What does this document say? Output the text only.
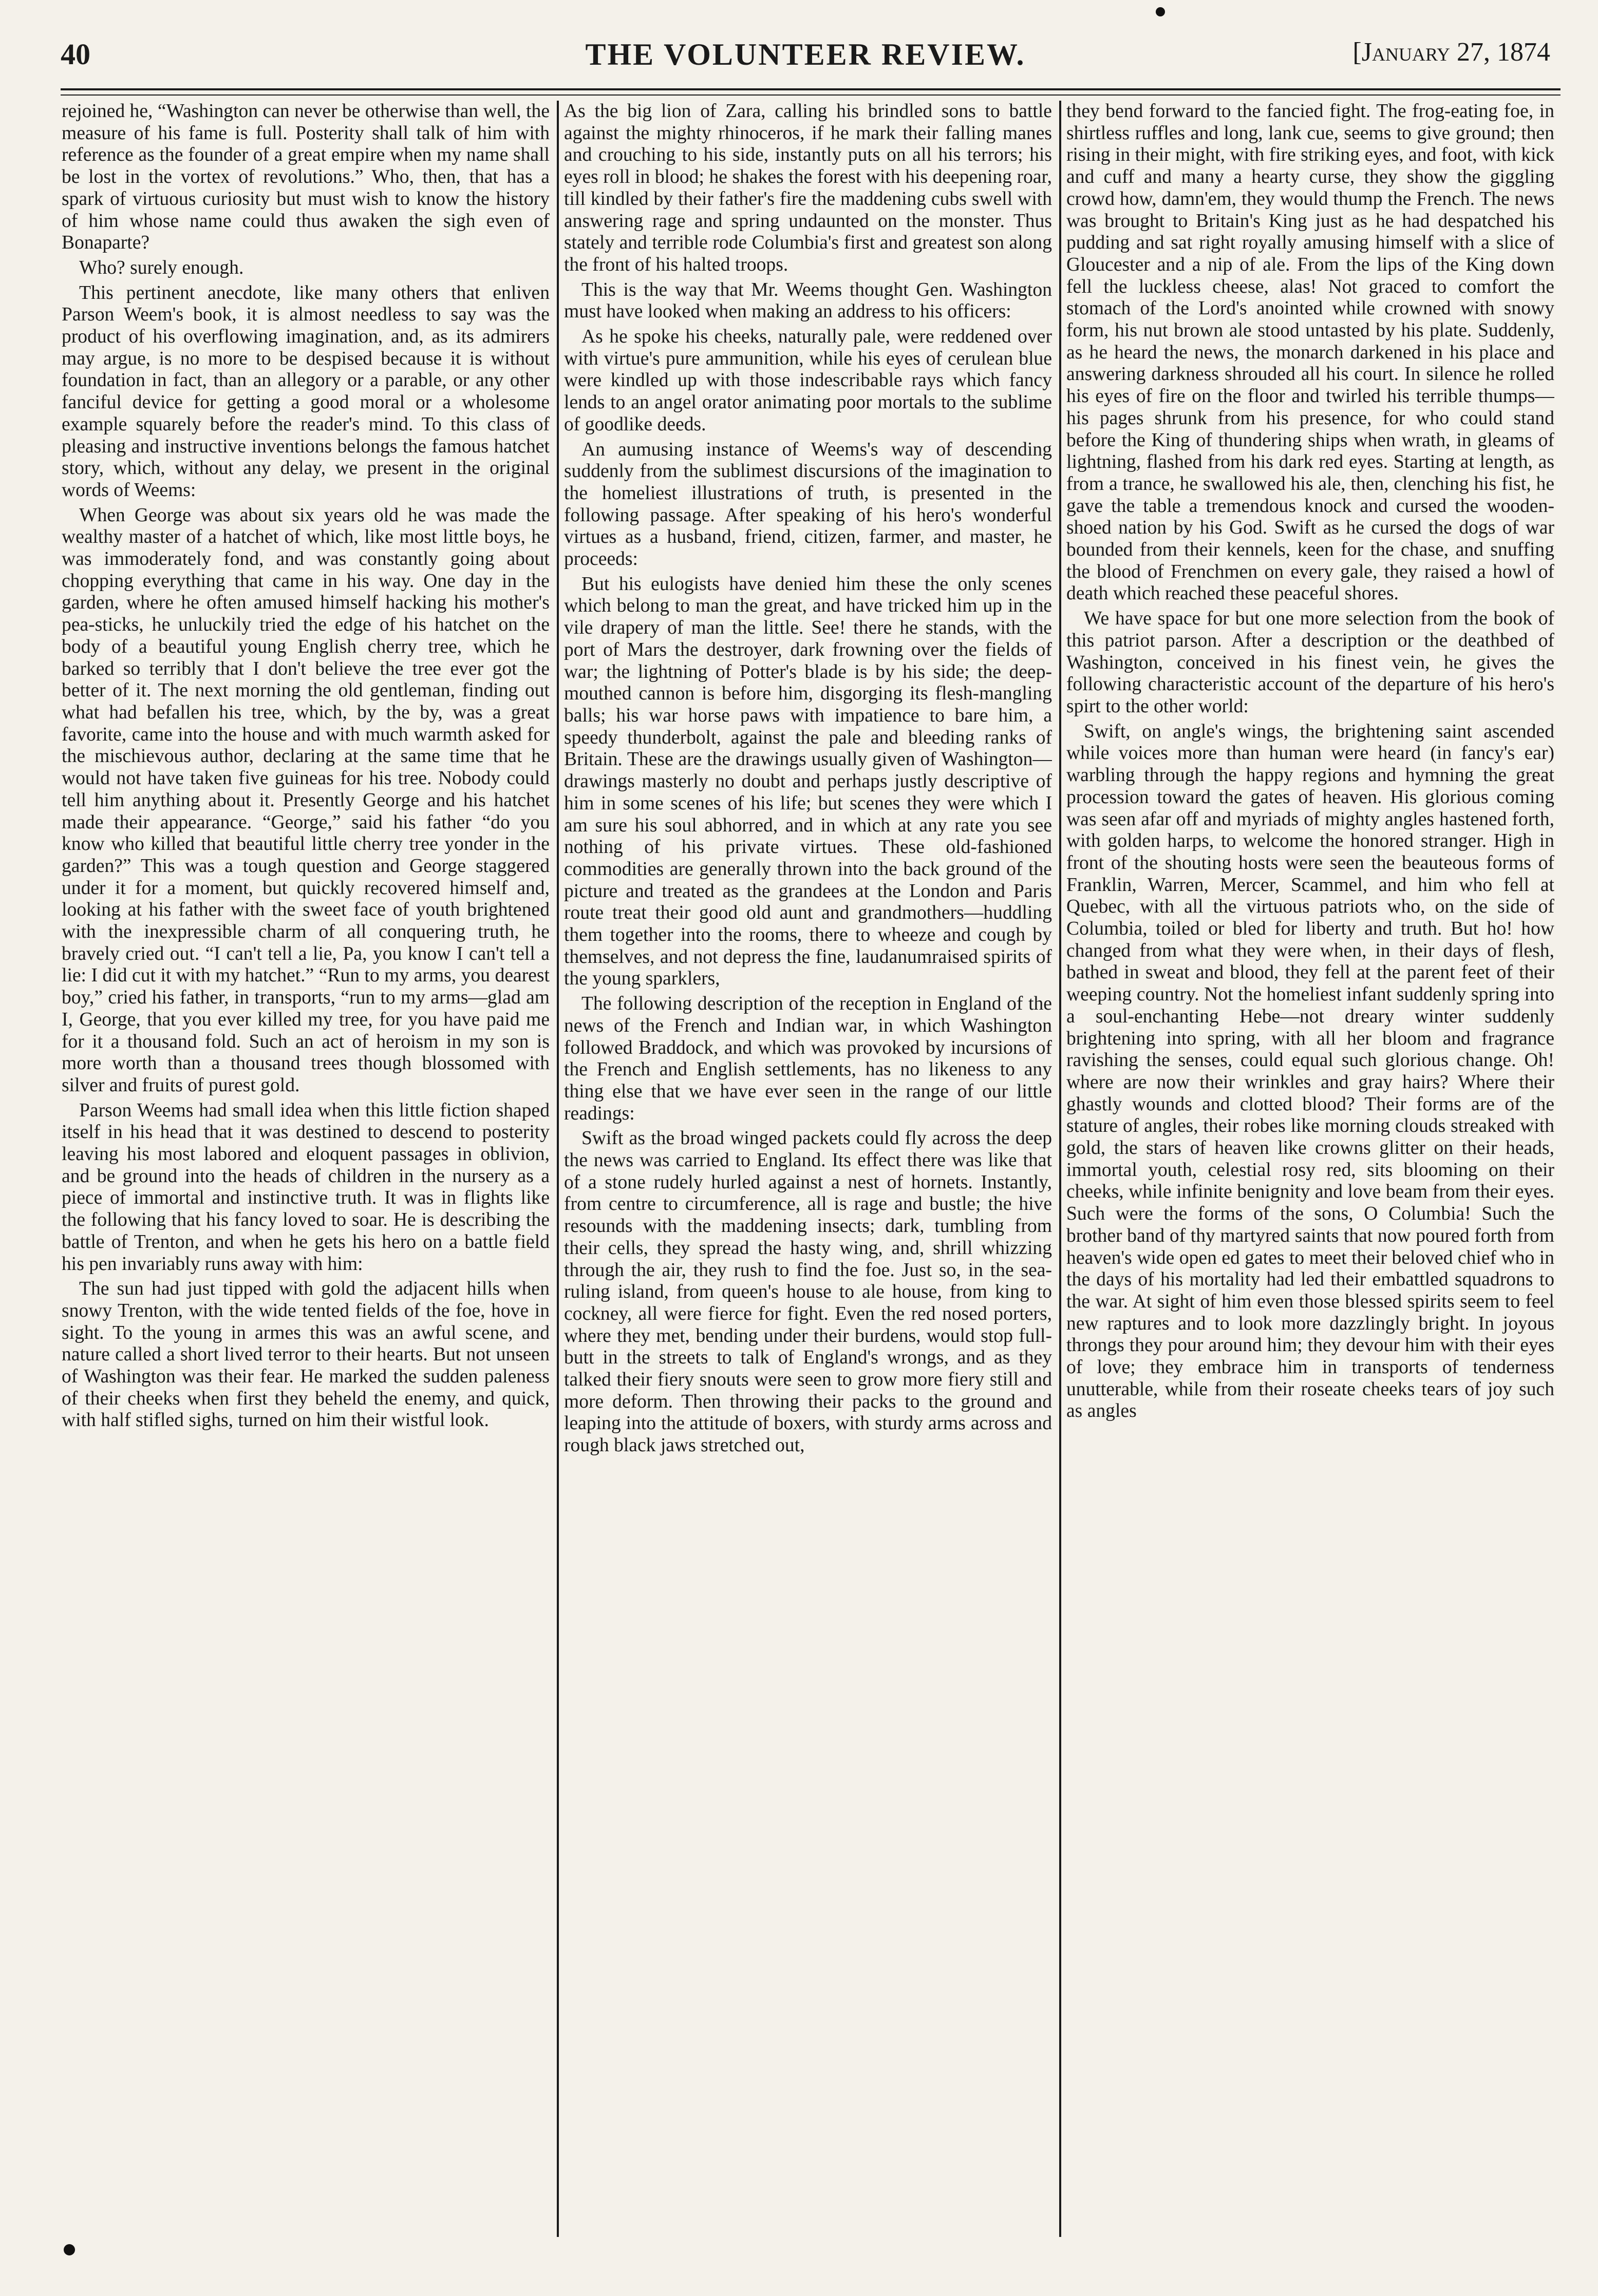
40	THE VOLUNTEER REVIEW.	[January 27, 1874

rejoined he, “Washington can never be otherwise than well, the measure of his fame is full. Posterity shall talk of him with reference as the founder of a great empire when my name shall be lost in the vortex of revolutions.” Who, then, that has a spark of virtuous curiosity but must wish to know the history of him whose name could thus awaken the sigh even of Bonaparte?

Who? surely enough.

This pertinent anecdote, like many others that enliven Parson Weem's book, it is almost needless to say was the product of his overflowing imagination, and, as its admirers may argue, is no more to be despised because it is without foundation in fact, than an allegory or a parable, or any other fanciful device for getting a good moral or a wholesome example squarely before the reader's mind. To this class of pleasing and instructive inventions belongs the famous hatchet story, which, without any delay, we present in the original words of Weems:

When George was about six years old he was made the wealthy master of a hatchet of which, like most little boys, he was immoderately fond, and was constantly going about chopping everything that came in his way. One day in the garden, where he often amused himself hacking his mother's pea-sticks, he unluckily tried the edge of his hatchet on the body of a beautiful young English cherry tree, which he barked so terribly that I don't believe the tree ever got the better of it. The next morning the old gentleman, finding out what had befallen his tree, which, by the by, was a great favorite, came into the house and with much warmth asked for the mischievous author, declaring at the same time that he would not have taken five guineas for his tree. Nobody could tell him anything about it. Presently George and his hatchet made their appearance. “George,” said his father “do you know who killed that beautiful little cherry tree yonder in the garden?” This was a tough question and George staggered under it for a moment, but quickly recovered himself and, looking at his father with the sweet face of youth brightened with the inexpressible charm of all conquering truth, he bravely cried out. “I can't tell a lie, Pa, you know I can't tell a lie: I did cut it with my hatchet.” “Run to my arms, you dearest boy,” cried his father, in transports, “run to my arms—glad am I, George, that you ever killed my tree, for you have paid me for it a thousand fold. Such an act of heroism in my son is more worth than a thousand trees though blossomed with silver and fruits of purest gold.

Parson Weems had small idea when this little fiction shaped itself in his head that it was destined to descend to posterity leaving his most labored and eloquent passages in oblivion, and be ground into the heads of children in the nursery as a piece of immortal and instinctive truth. It was in flights like the following that his fancy loved to soar. He is describing the battle of Trenton, and when he gets his hero on a battle field his pen invariably runs away with him:

The sun had just tipped with gold the adjacent hills when snowy Trenton, with the wide tented fields of the foe, hove in sight. To the young in armes this was an awful scene, and nature called a short lived terror to their hearts. But not unseen of Washington was their fear. He marked the sudden paleness of their cheeks when first they beheld the enemy, and quick, with half stifled sighs, turned on him their wistful look.

As the big lion of Zara, calling his brindled sons to battle against the mighty rhinoceros, if he mark their falling manes and crouching to his side, instantly puts on all his terrors; his eyes roll in blood; he shakes the forest with his deepening roar, till kindled by their father's fire the maddening cubs swell with answering rage and spring undaunted on the monster. Thus stately and terrible rode Columbia's first and greatest son along the front of his halted troops.

This is the way that Mr. Weems thought Gen. Washington must have looked when making an address to his officers:

As he spoke his cheeks, naturally pale, were reddened over with virtue's pure ammunition, while his eyes of cerulean blue were kindled up with those indescribable rays which fancy lends to an angel orator animating poor mortals to the sublime of goodlike deeds.

An aumusing instance of Weems's way of descending suddenly from the sublimest discursions of the imagination to the homeliest illustrations of truth, is presented in the following passage. After speaking of his hero's wonderful virtues as a husband, friend, citizen, farmer, and master, he proceeds:

But his eulogists have denied him these the only scenes which belong to man the great, and have tricked him up in the vile drapery of man the little. See! there he stands, with the port of Mars the destroyer, dark frowning over the fields of war; the lightning of Potter's blade is by his side; the deep-mouthed cannon is before him, disgorging its flesh-mangling balls; his war horse paws with impatience to bare him, a speedy thunderbolt, against the pale and bleeding ranks of Britain. These are the drawings usually given of Washington—drawings masterly no doubt and perhaps justly descriptive of him in some scenes of his life; but scenes they were which I am sure his soul abhorred, and in which at any rate you see nothing of his private virtues. These old-fashioned commodities are generally thrown into the back ground of the picture and treated as the grandees at the London and Paris route treat their good old aunt and grandmothers—huddling them together into the rooms, there to wheeze and cough by themselves, and not depress the fine, laudanumraised spirits of the young sparklers,

The following description of the reception in England of the news of the French and Indian war, in which Washington followed Braddock, and which was provoked by incursions of the French and English settlements, has no likeness to any thing else that we have ever seen in the range of our little readings:

Swift as the broad winged packets could fly across the deep the news was carried to England. Its effect there was like that of a stone rudely hurled against a nest of hornets. Instantly, from centre to circumference, all is rage and bustle; the hive resounds with the maddening insects; dark, tumbling from their cells, they spread the hasty wing, and, shrill whizzing through the air, they rush to find the foe. Just so, in the sea-ruling island, from queen's house to ale house, from king to cockney, all were fierce for fight. Even the red nosed porters, where they met, bending under their burdens, would stop full-butt in the streets to talk of England's wrongs, and as they talked their fiery snouts were seen to grow more fiery still and more deform. Then throwing their packs to the ground and leaping into the attitude of boxers, with sturdy arms across and rough black jaws stretched out,

they bend forward to the fancied fight. The frog-eating foe, in shirtless ruffles and long, lank cue, seems to give ground; then rising in their might, with fire striking eyes, and foot, with kick and cuff and many a hearty curse, they show the giggling crowd how, damn'em, they would thump the French. The news was brought to Britain's King just as he had despatched his pudding and sat right royally amusing himself with a slice of Gloucester and a nip of ale. From the lips of the King down fell the luckless cheese, alas! Not graced to comfort the stomach of the Lord's anointed while crowned with snowy form, his nut brown ale stood untasted by his plate. Suddenly, as he heard the news, the monarch darkened in his place and answering darkness shrouded all his court. In silence he rolled his eyes of fire on the floor and twirled his terrible thumps—his pages shrunk from his presence, for who could stand before the King of thundering ships when wrath, in gleams of lightning, flashed from his dark red eyes. Starting at length, as from a trance, he swallowed his ale, then, clenching his fist, he gave the table a tremendous knock and cursed the wooden-shoed nation by his God. Swift as he cursed the dogs of war bounded from their kennels, keen for the chase, and snuffing the blood of Frenchmen on every gale, they raised a howl of death which reached these peaceful shores.

We have space for but one more selection from the book of this patriot parson. After a description or the deathbed of Washington, conceived in his finest vein, he gives the following characteristic account of the departure of his hero's spirt to the other world:

Swift, on angle's wings, the brightening saint ascended while voices more than human were heard (in fancy's ear) warbling through the happy regions and hymning the great procession toward the gates of heaven. His glorious coming was seen afar off and myriads of mighty angles hastened forth, with golden harps, to welcome the honored stranger. High in front of the shouting hosts were seen the beauteous forms of Franklin, Warren, Mercer, Scammel, and him who fell at Quebec, with all the virtuous patriots who, on the side of Columbia, toiled or bled for liberty and truth. But ho! how changed from what they were when, in their days of flesh, bathed in sweat and blood, they fell at the parent feet of their weeping country. Not the homeliest infant suddenly spring into a soul-enchanting Hebe—not dreary winter suddenly brightening into spring, with all her bloom and fragrance ravishing the senses, could equal such glorious change. Oh! where are now their wrinkles and gray hairs? Where their ghastly wounds and clotted blood? Their forms are of the stature of angles, their robes like morning clouds streaked with gold, the stars of heaven like crowns glitter on their heads, immortal youth, celestial rosy red, sits blooming on their cheeks, while infinite benignity and love beam from their eyes. Such were the forms of the sons, O Columbia! Such the brother band of thy martyred saints that now poured forth from heaven's wide open ed gates to meet their beloved chief who in the days of his mortality had led their embattled squadrons to the war. At sight of him even those blessed spirits seem to feel new raptures and to look more dazzlingly bright. In joyous throngs they pour around him; they devour him with their eyes of love; they embrace him in transports of tenderness unutterable, while from their roseate cheeks tears of joy such as angles
